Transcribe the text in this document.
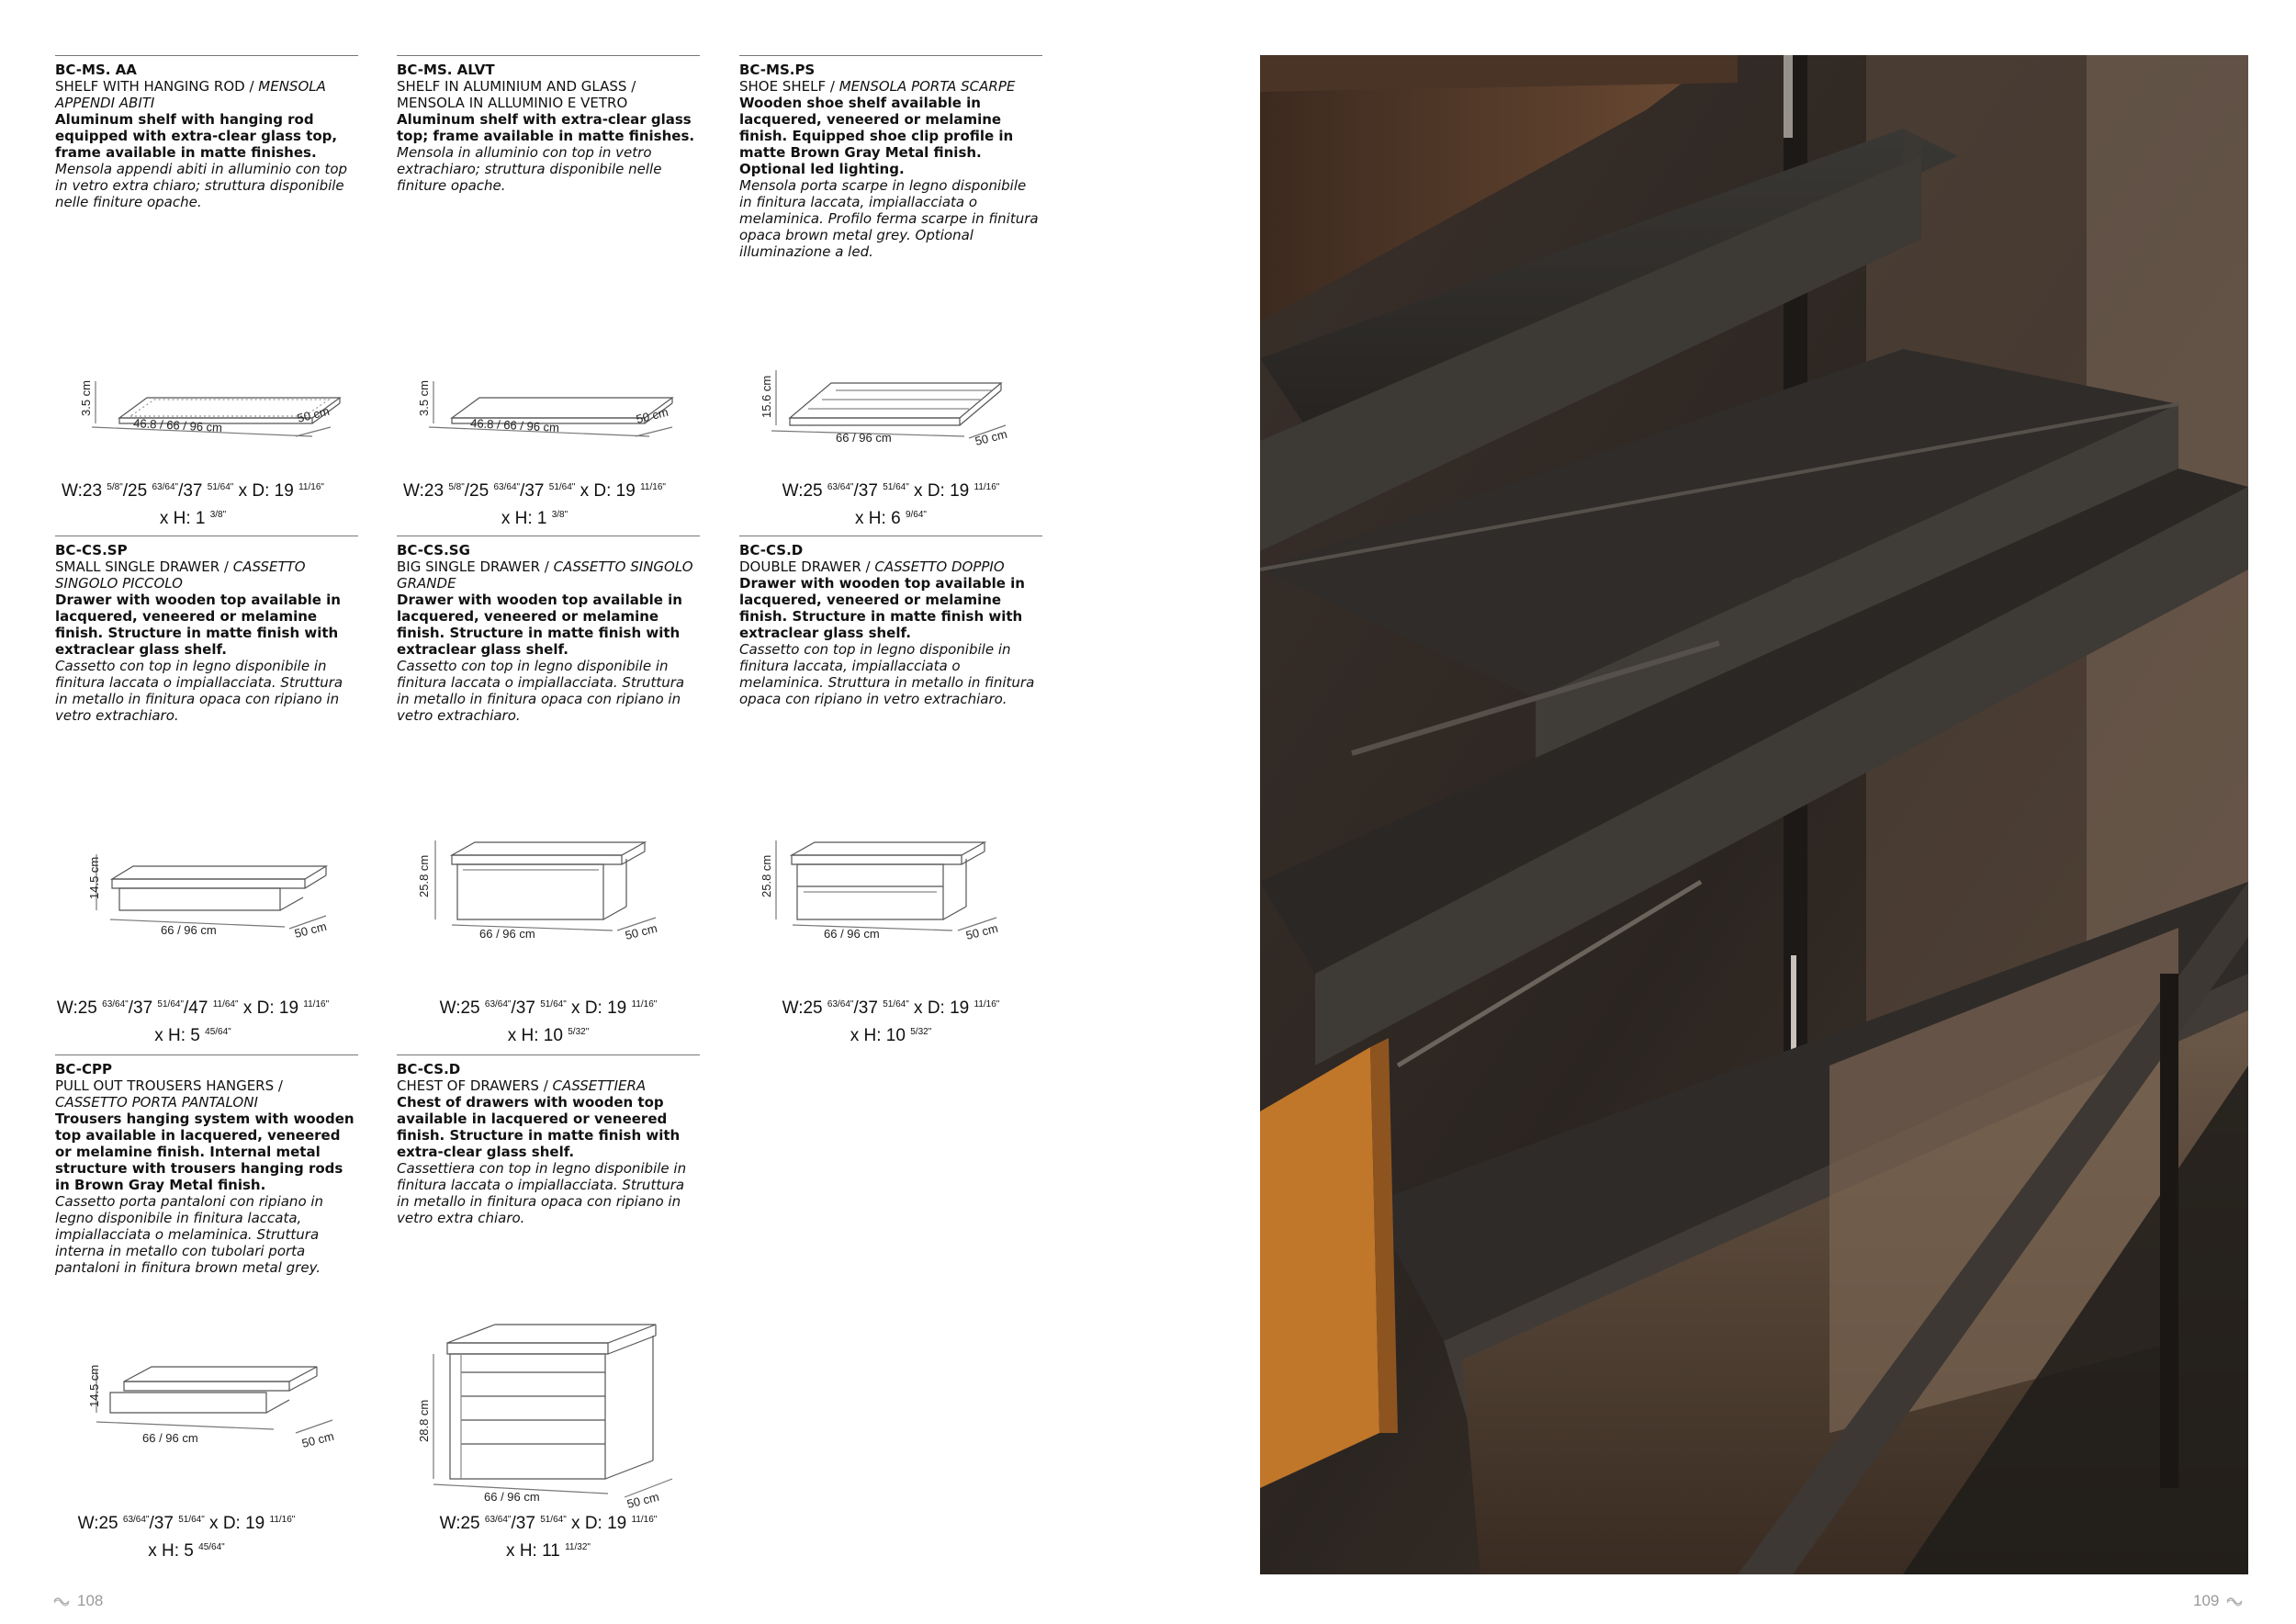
BC-MS. AA
SHELF WITH HANGING ROD / MENSOLA APPENDI ABITI
Aluminum shelf with hanging rod equipped with extra-clear glass top, frame available in matte finishes.
Mensola appendi abiti in alluminio con top in vetro extra chiaro; struttura disponibile nelle finiture opache.
BC-MS. ALVT
SHELF IN ALUMINIUM AND GLASS / MENSOLA IN ALLUMINIO E VETRO
Aluminum shelf with extra-clear glass top; frame available in matte finishes.
Mensola in alluminio con top in vetro extrachiaro; struttura disponibile nelle finiture opache.
BC-MS.PS
SHOE SHELF / MENSOLA PORTA SCARPE
Wooden shoe shelf available in lacquered, veneered or melamine finish. Equipped shoe clip profile in matte Brown Gray Metal finish. Optional led lighting.
Mensola porta scarpe in legno disponibile in finitura laccata, impiallacciata o melaminica. Profilo ferma scarpe in finitura opaca brown metal grey. Optional illuminazione a led.
3.5 cm
46.8 / 66 / 96 cm
50 cm	3.5 cm
46.8 / 66 / 96 cm	50 cm	15.6 cm
66 / 96 cm	50 cm
W:23 $^{5/8"}$/25 $^{63/64"}$/37 $^{51/64"}$ x D: 19 $^{11/16"}$
x H: 1 $^{3/8"}$
W:23 $^{5/8"}$/25 $^{63/64"}$/37 $^{51/64"}$ x D: 19 $^{11/16"}$
x H: 1 $^{3/8"}$
W:25 $^{63/64"}$/37 $^{51/64"}$ x D: 19 $^{11/16"}$
x H: 6 $^{9/64"}$
BC-CS.SP
SMALL SINGLE DRAWER / CASSETTO SINGOLO PICCOLO
Drawer with wooden top available in lacquered, veneered or melamine finish. Structure in matte finish with extraclear glass shelf.
Cassetto con top in legno disponibile in finitura laccata o impiallacciata. Struttura in metallo in finitura opaca con ripiano in vetro extrachiaro.
BC-CS.SG
BIG SINGLE DRAWER / CASSETTO SINGOLO GRANDE
Drawer with wooden top available in lacquered, veneered or melamine finish. Structure in matte finish with extraclear glass shelf.
Cassetto con top in legno disponibile in finitura laccata o impiallacciata. Struttura in metallo in finitura opaca con ripiano in vetro extrachiaro.
BC-CS.D
DOUBLE DRAWER / CASSETTO DOPPIO
Drawer with wooden top available in lacquered, veneered or melamine finish. Structure in matte finish with extraclear glass shelf.
Cassetto con top in legno disponibile in finitura laccata, impiallacciata o melaminica. Struttura in metallo in finitura opaca con ripiano in vetro extrachiaro.
14.5 cm
66 / 96 cm	50 cm
25.8 cm
66 / 96 cm	50 cm
25.8 cm
66 / 96 cm	50 cm
W:25 $^{63/64"}$/37 $^{51/64"}$/47 $^{11/64"}$ x D: 19 $^{11/16"}$
x H: 5 $^{45/64"}$
W:25 $^{63/64"}$/37 $^{51/64"}$ x D: 19 $^{11/16"}$
x H: 10 $^{5/32"}$
W:25 $^{63/64"}$/37 $^{51/64"}$ x D: 19 $^{11/16"}$
x H: 10 $^{5/32"}$
BC-CPP
PULL OUT TROUSERS HANGERS / CASSETTO PORTA PANTALONI
Trousers hanging system with wooden top available in lacquered, veneered or melamine finish. Internal metal structure with trousers hanging rods in Brown Gray Metal finish.
Cassetto porta pantaloni con ripiano in legno disponibile in finitura laccata, impiallacciata o melaminica. Struttura interna in metallo con tubolari porta pantaloni in finitura brown metal grey.
BC-CS.D
CHEST OF DRAWERS / CASSETTIERA
Chest of drawers with wooden top available in lacquered or veneered finish. Structure in matte finish with extra-clear glass shelf.
Cassettiera con top in legno disponibile in finitura laccata o impiallacciata. Struttura in metallo in finitura opaca con ripiano in vetro extra chiaro.
14.5 cm
66 / 96 cm	50 cm	28.8 cm
66 / 96 cm	50 cm
W:25 $^{63/64"}$/37 $^{51/64"}$ x D: 19 $^{11/16"}$
x H: 5 $^{45/64"}$
W:25 $^{63/64"}$/37 $^{51/64"}$ x D: 19 $^{11/16"}$
x H: 11 $^{11/32"}$
108	109
